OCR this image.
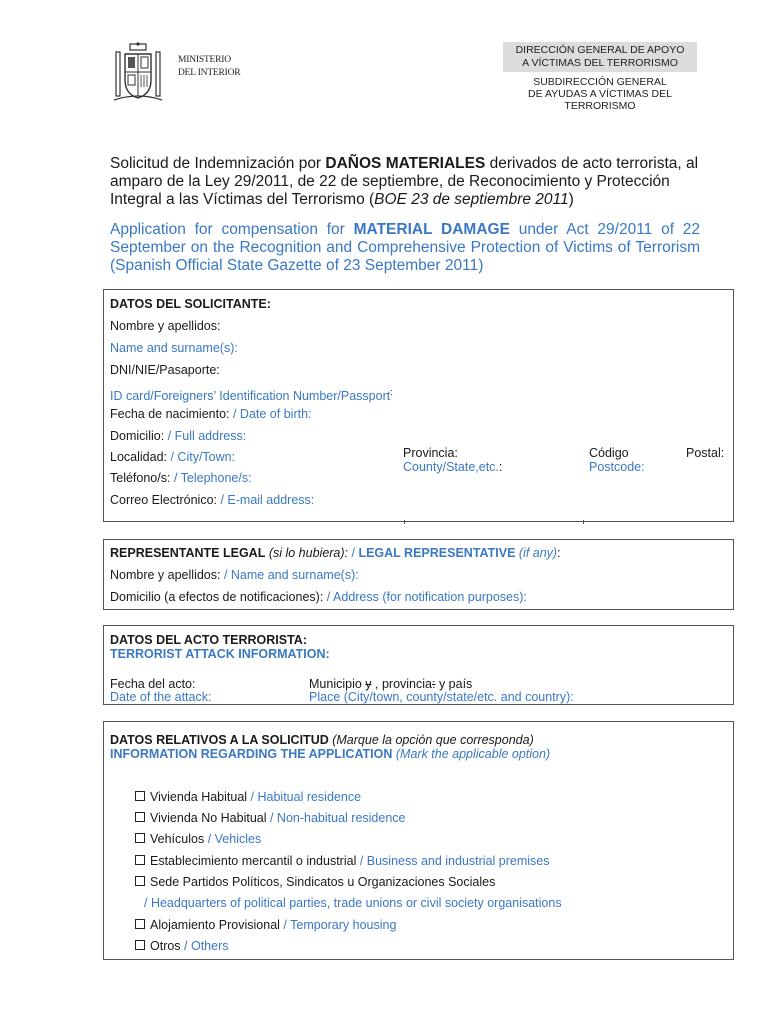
MINISTERIO
DEL INTERIOR
DIRECCIÓN GENERAL DE APOYO
A VÍCTIMAS DEL TERRORISMO
SUBDIRECCIÓN GENERAL
DE AYUDAS A VÍCTIMAS DEL
TERRORISMO
Solicitud de Indemnización por DAÑOS MATERIALES derivados de acto terrorista, al amparo de la Ley 29/2011, de 22 de septiembre, de Reconocimiento y Protección Integral a las Víctimas del Terrorismo (BOE 23 de septiembre 2011)
Application for compensation for MATERIAL DAMAGE under Act 29/2011 of 22 September on the Recognition and Comprehensive Protection of Victims of Terrorism (Spanish Official State Gazette of 23 September 2011)
DATOS DEL SOLICITANTE:
Nombre y apellidos:
Name and surname(s):
DNI/NIE/Pasaporte:
ID card/Foreigners’ Identification Number/Passport:
Fecha de nacimiento: / Date of birth:
Domicilio: / Full address:
Localidad: / City/Town:	Provincia:
County/State,etc.:
Código	Postal:
Postcode:
Teléfono/s: / Telephone/s:
Correo Electrónico: / E-mail address:
REPRESENTANTE LEGAL (si lo hubiera): / LEGAL REPRESENTATIVE (if any):
Nombre y apellidos: / Name and surname(s):
Domicilio (a efectos de notificaciones): / Address (for notification purposes):
DATOS DEL ACTO TERRORISTA:
TERRORIST ATTACK INFORMATION:
Fecha del acto:
Date of the attack:
Municipio y , provincia: y país
Place (City/town, county/state/etc. and country):
DATOS RELATIVOS A LA SOLICITUD (Marque la opción que corresponda)
INFORMATION REGARDING THE APPLICATION (Mark the applicable option)
Vivienda Habitual / Habitual residence
Vivienda No Habitual / Non-habitual residence
Vehículos / Vehicles
Establecimiento mercantil o industrial / Business and industrial premises
Sede Partidos Políticos, Sindicatos u Organizaciones Sociales
/ Headquarters of political parties, trade unions or civil society organisations
Alojamiento Provisional / Temporary housing
Otros / Others
